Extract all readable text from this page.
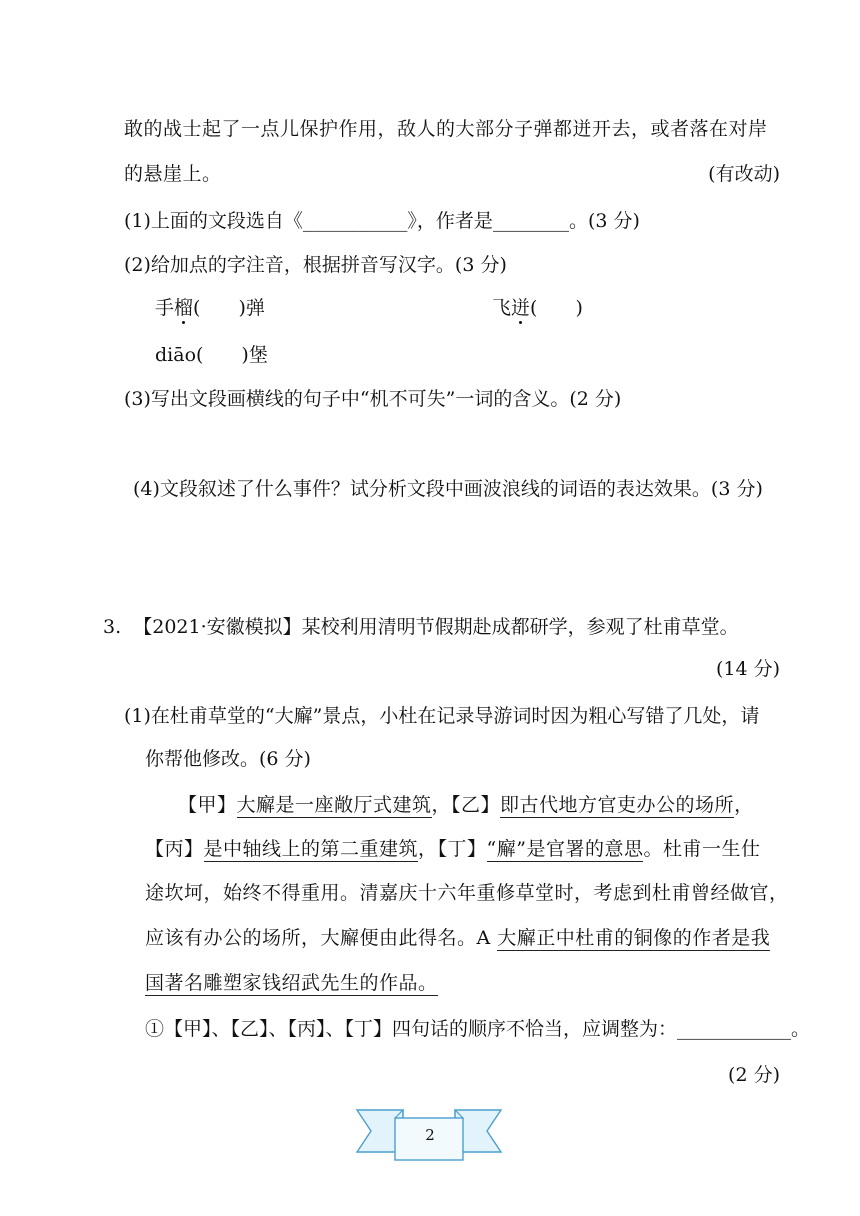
敢的战士起了一点儿保护作用，敌人的大部分子弹都迸开去，或者落在对岸
的悬崖上。	(有改动)
(1)上面的文段选自《___________》，作者是________。(3 分)
(2)给加点的字注音，根据拼音写汉字。(3 分)
手榴(　　)弹	飞迸(　　)
diāo(　　)堡
(3)写出文段画横线的句子中“机不可失”一词的含义。(2 分)
(4)文段叙述了什么事件？试分析文段中画波浪线的词语的表达效果。(3 分)
3. 【2021·安徽模拟】某校利用清明节假期赴成都研学，参观了杜甫草堂。
(14 分)
(1)在杜甫草堂的“大廨”景点，小杜在记录导游词时因为粗心写错了几处，请
你帮他修改。(6 分)
【甲】大廨是一座敞厅式建筑，【乙】即古代地方官吏办公的场所，
【丙】是中轴线上的第二重建筑，【丁】“廨”是官署的意思。杜甫一生仕
途坎坷，始终不得重用。清嘉庆十六年重修草堂时，考虑到杜甫曾经做官，
应该有办公的场所，大廨便由此得名。A 大廨正中杜甫的铜像的作者是我
国著名雕塑家钱绍武先生的作品。
①【甲】、【乙】、【丙】、【丁】四句话的顺序不恰当，应调整为：____________。
(2 分)
2
